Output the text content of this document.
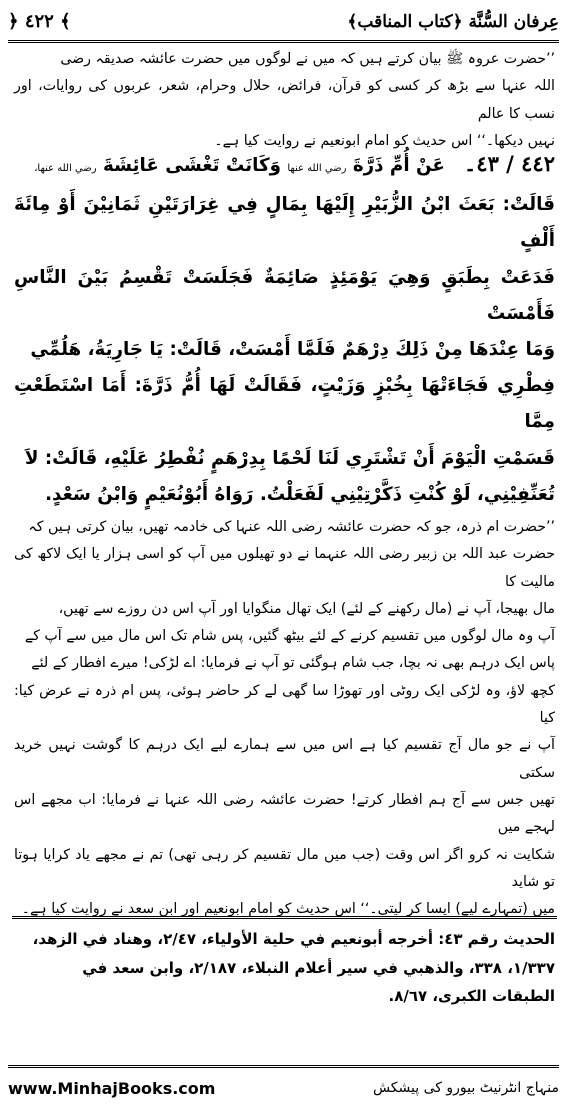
﴿ ٤٢٢ ﴾	عِرفان السُّنَّة ﴿كتاب المناقب﴾
’’حضرت عروہ ﷺ بیان کرتے ہیں کہ میں نے لوگوں میں حضرت عائشہ صدیقہ رضی
اللہ عنہا سے بڑھ کر کسی کو قرآن، فرائض، حلال وحرام، شعر، عربوں کی روایات، اور نسب کا عالم
نہیں دیکھا۔‘‘ اس حدیث کو امام ابونعیم نے روایت کیا ہے۔
٤٤٢ / ٤٣۔   عَنْ أُمِّ ذَرَّةَ رضي الله عنها وَكَانَتْ تَغْشَى عَائِشَةَ رضي الله عنها،
قَالَتْ: بَعَثَ ابْنُ الزُّبَيْرِ إِلَيْهَا بِمَالٍ فِي غِرَارَتَيْنِ ثَمَانِيْنَ أَوْ مِائَةَ أَلْفٍ
فَدَعَتْ بِطَبَقٍ وَهِيَ يَوْمَئِذٍ صَائِمَةٌ فَجَلَسَتْ تَقْسِمُ بَيْنَ النَّاسِ فَأَمْسَتْ
وَمَا عِنْدَهَا مِنْ ذَلِكَ دِرْهَمٌ فَلَمَّا أَمْسَتْ، قَالَتْ: يَا جَارِيَةُ، هَلُمِّي
فِطْرِي فَجَاءَتْهَا بِخُبْزٍ وَزَيْتٍ، فَقَالَتْ لَهَا أُمُّ ذَرَّةَ: أَمَا اسْتَطَعْتِ مِمَّا
قَسَمْتِ الْيَوْمَ أَنْ تَشْتَرِي لَنَا لَحْمًا بِدِرْهَمٍ نُفْطِرُ عَلَيْهِ، قَالَتْ: لاَ
تُعَنِّفِيْنِي، لَوْ كُنْتِ ذَكَّرْتِيْنِي لَفَعَلْتُ. رَوَاهُ أَبُوْنُعَيْمٍ وَابْنُ سَعْدٍ.
’’حضرت ام ذرہ، جو کہ حضرت عائشہ رضی اللہ عنہا کی خادمہ تھیں، بیان کرتی ہیں کہ
حضرت عبد اللہ بن زبیر رضی اللہ عنہما نے دو تھیلوں میں آپ کو اسی ہزار یا ایک لاکھ کی مالیت کا
مال بھیجا، آپ نے (مال رکھنے کے لئے) ایک تھال منگوایا اور آپ اس دن روزے سے تھیں،
آپ وہ مال لوگوں میں تقسیم کرنے کے لئے بیٹھ گئیں، پس شام تک اس مال میں سے آپ کے
پاس ایک درہم بھی نہ بچا، جب شام ہوگئی تو آپ نے فرمایا: اے لڑکی! میرے افطار کے لئے
کچھ لاؤ، وہ لڑکی ایک روٹی اور تھوڑا سا گھی لے کر حاضر ہوئی، پس ام ذرہ نے عرض کیا: کیا
آپ نے جو مال آج تقسیم کیا ہے اس میں سے ہمارے لیے ایک درہم کا گوشت نہیں خرید سکتی
تھیں جس سے آج ہم افطار کرتے! حضرت عائشہ رضی اللہ عنہا نے فرمایا: اب مجھے اس لہجے میں
شکایت نہ کرو اگر اس وقت (جب میں مال تقسیم کر رہی تھی) تم نے مجھے یاد کرایا ہوتا تو شاید
میں (تمہارے لیے) ایسا کر لیتی۔‘‘ اس حدیث کو امام ابونعیم اور ابن سعد نے روایت کیا ہے۔
الحديث رقم ٤٣: أخرجه أبونعيم في حلية الأولياء، ٢/٤٧، وهناد في الزهد،
١/٣٣٧، ٣٣٨، والذهبي في سير أعلام النبلاء، ٢/١٨٧، وابن سعد في
الطبقات الكبرى، ٨/٦٧.
www.MinhajBooks.com	منہاج انٹرنیٹ بیورو کی پیشکش
